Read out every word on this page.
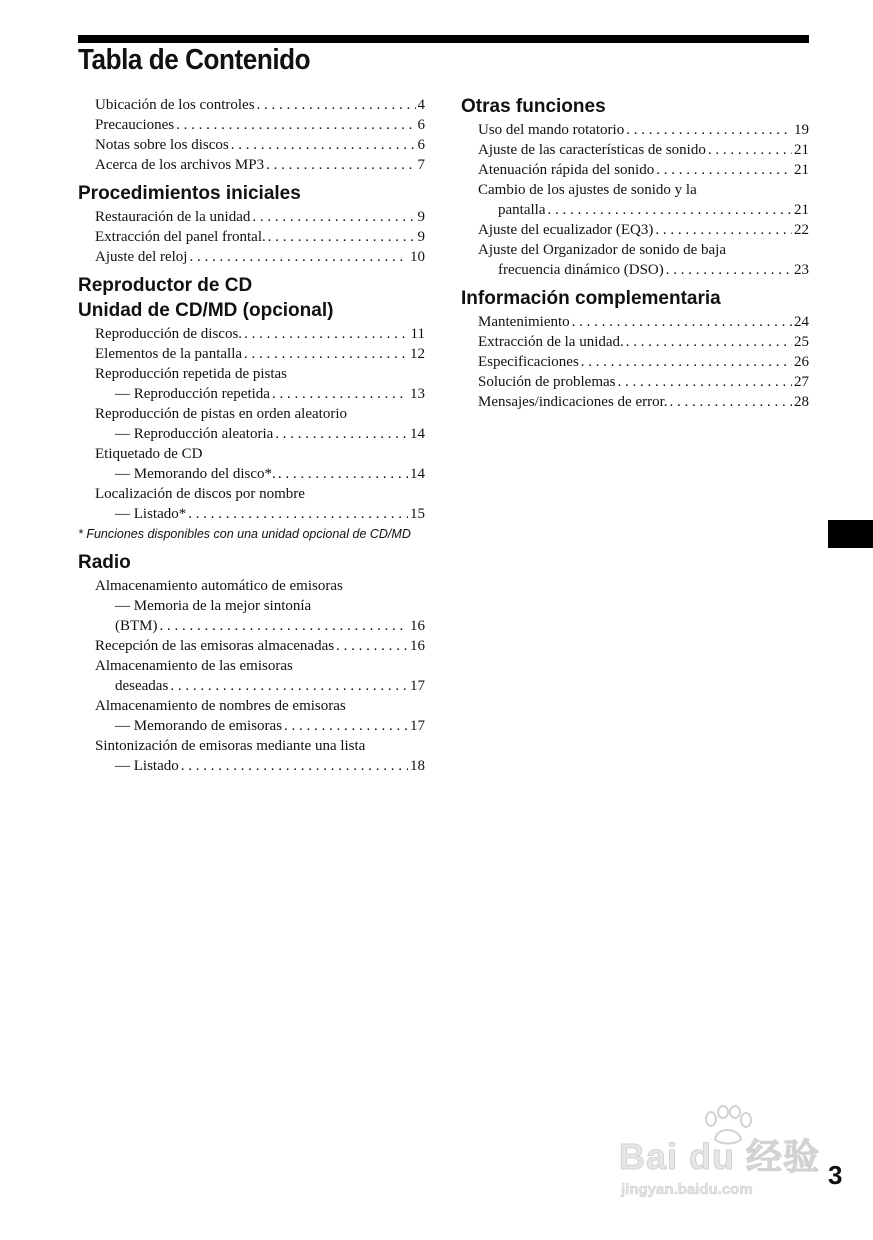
Tabla de Contenido
Ubicación de los controles . . .	4
Precauciones . . .	6
Notas sobre los discos . . .	6
Acerca de los archivos MP3 . . .	7
Procedimientos iniciales
Restauración de la unidad . . .	9
Extracción del panel frontal. . . .	9
Ajuste del reloj . . .	10
Reproductor de CD
Unidad de CD/MD (opcional)
Reproducción de discos. . . .	11
Elementos de la pantalla . . .	12
Reproducción repetida de pistas
— Reproducción repetida . . .	13
Reproducción de pistas en orden aleatorio
— Reproducción aleatoria . . .	14
Etiquetado de CD
— Memorando del disco*. . . .	14
Localización de discos por nombre
— Listado* . . .	15
* Funciones disponibles con una unidad opcional de CD/MD
Radio
Almacenamiento automático de emisoras
— Memoria de la mejor sintonía
(BTM) . . .	16
Recepción de las emisoras almacenadas . . .	16
Almacenamiento de las emisoras
deseadas . . .	17
Almacenamiento de nombres de emisoras
— Memorando de emisoras . . .	17
Sintonización de emisoras mediante una lista
— Listado . . .	18
Otras funciones
Uso del mando rotatorio . . .	19
Ajuste de las características de sonido . . .	21
Atenuación rápida del sonido . . .	21
Cambio de los ajustes de sonido y la
pantalla . . .	21
Ajuste del ecualizador (EQ3) . . .	22
Ajuste del Organizador de sonido de baja
frecuencia dinámico (DSO) . . .	23
Información complementaria
Mantenimiento . . .	24
Extracción de la unidad. . . .	25
Especificaciones . . .	26
Solución de problemas . . .	27
Mensajes/indicaciones de error. . . .	28
Bai du 经验
jingyan.baidu.com	3
